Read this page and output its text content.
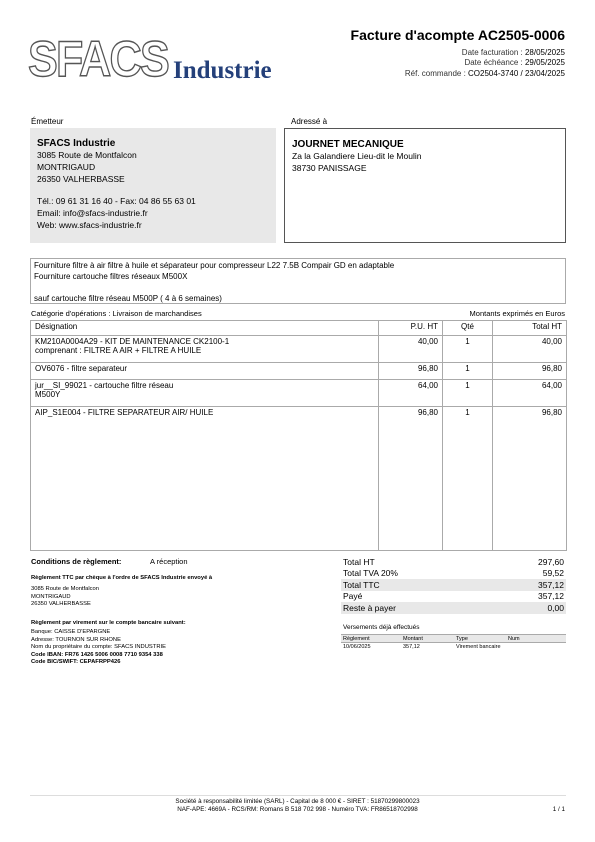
SFACS Industrie
Facture d'acompte AC2505-0006
Date facturation : 28/05/2025
Date échéance : 29/05/2025
Réf. commande : CO2504-3740 / 23/04/2025
Émetteur	Adressé à
SFACS Industrie
3085 Route de Montfalcon
MONTRIGAUD
26350 VALHERBASSE
Tél.: 09 61 31 16 40 - Fax: 04 86 55 63 01
Email: info@sfacs-industrie.fr
Web: www.sfacs-industrie.fr
JOURNET MECANIQUE
Za la Galandiere Lieu-dit le Moulin
38730 PANISSAGE
Fourniture filtre à air filtre à huile et séparateur pour compresseur L22 7.5B Compair GD en adaptable
Fourniture cartouche filtres réseaux M500X
sauf cartouche filtre réseau M500P ( 4 à 6 semaines)
Catégorie d'opérations : Livraison de marchandises	Montants exprimés en Euros
Désignation	P.U. HT	Qté	Total HT

KM210A0004A29 - KIT DE MAINTENANCE CK2100-1
comprenant : FILTRE A AIR + FILTRE A HUILE	40,00	1	40,00

OV6076 - filtre separateur	96,80	1	96,80

jur__SI_99021 - cartouche filtre réseau
M500Y	64,00	1	64,00

AIP_S1E004 - FILTRE SEPARATEUR AIR/ HUILE	96,80	1	96,80
Conditions de règlement:	A réception
Règlement TTC par chèque à l'ordre de SFACS Industrie envoyé à
3085 Route de Montfalcon
MONTRIGAUD
26350 VALHERBASSE
Règlement par virement sur le compte bancaire suivant:
Banque: CAISSE D'EPARGNE
Adresse: TOURNON SUR RHONE
Nom du propriétaire du compte: SFACS INDUSTRIE
Code IBAN: FR76 1426 5006 0008 7710 9354 338
Code BIC/SWIFT: CEPAFRPP426
Total HT	297,60
Total TVA 20%	59,52
Total TTC	357,12
Payé	357,12
Reste à payer	0,00
Versements déjà effectués
Règlement	Montant	Type	Num
10/06/2025	357,12	Virement bancaire	
Société à responsabilité limitée (SARL) - Capital de 8 000 € - SIRET : 51870299800023
NAF-APE: 4669A - RCS/RM: Romans B 518 702 998 - Numéro TVA: FR86518702998	1 / 1
